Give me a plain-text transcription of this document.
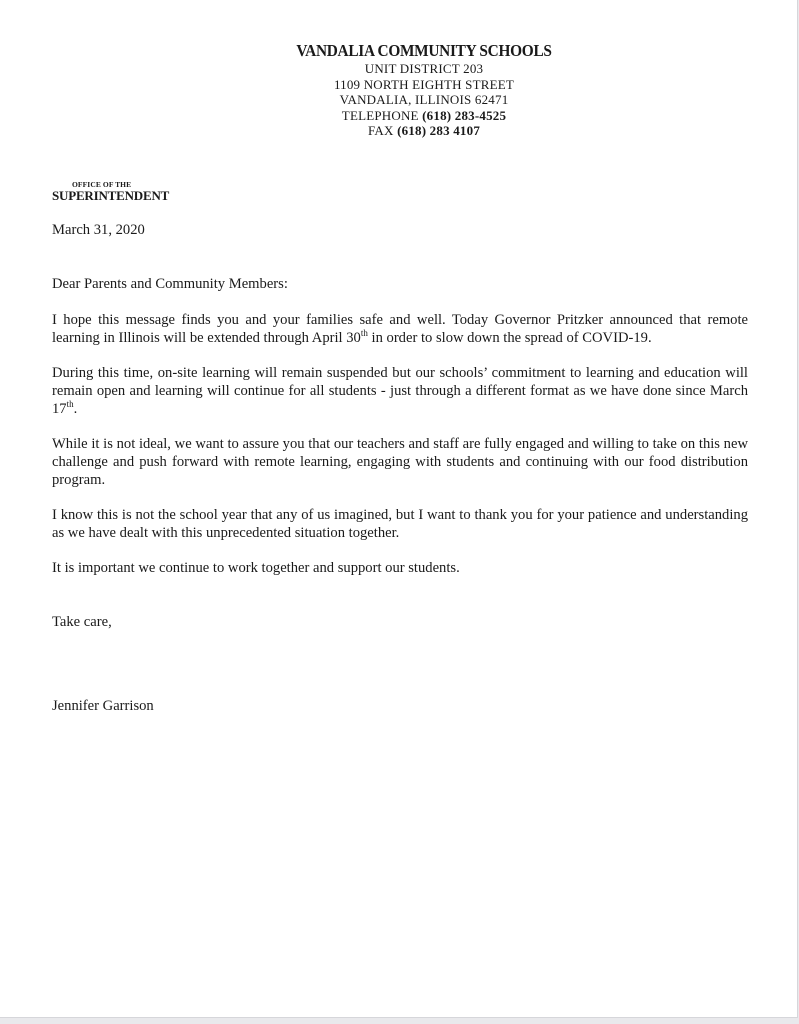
VANDALIA COMMUNITY SCHOOLS
UNIT DISTRICT 203
1109 NORTH EIGHTH STREET
VANDALIA, ILLINOIS 62471
TELEPHONE (618) 283-4525
FAX (618) 283 4107
OFFICE OF THE
SUPERINTENDENT
March 31, 2020
Dear Parents and Community Members:
I hope this message finds you and your families safe and well. Today Governor Pritzker announced that remote learning in Illinois will be extended through April 30th in order to slow down the spread of COVID-19.
During this time, on-site learning will remain suspended but our schools’ commitment to learning and education will remain open and learning will continue for all students - just through a different format as we have done since March 17th.
While it is not ideal, we want to assure you that our teachers and staff are fully engaged and willing to take on this new challenge and push forward with remote learning, engaging with students and continuing with our food distribution program.
I know this is not the school year that any of us imagined, but I want to thank you for your patience and understanding as we have dealt with this unprecedented situation together.
It is important we continue to work together and support our students.
Take care,
Jennifer Garrison
